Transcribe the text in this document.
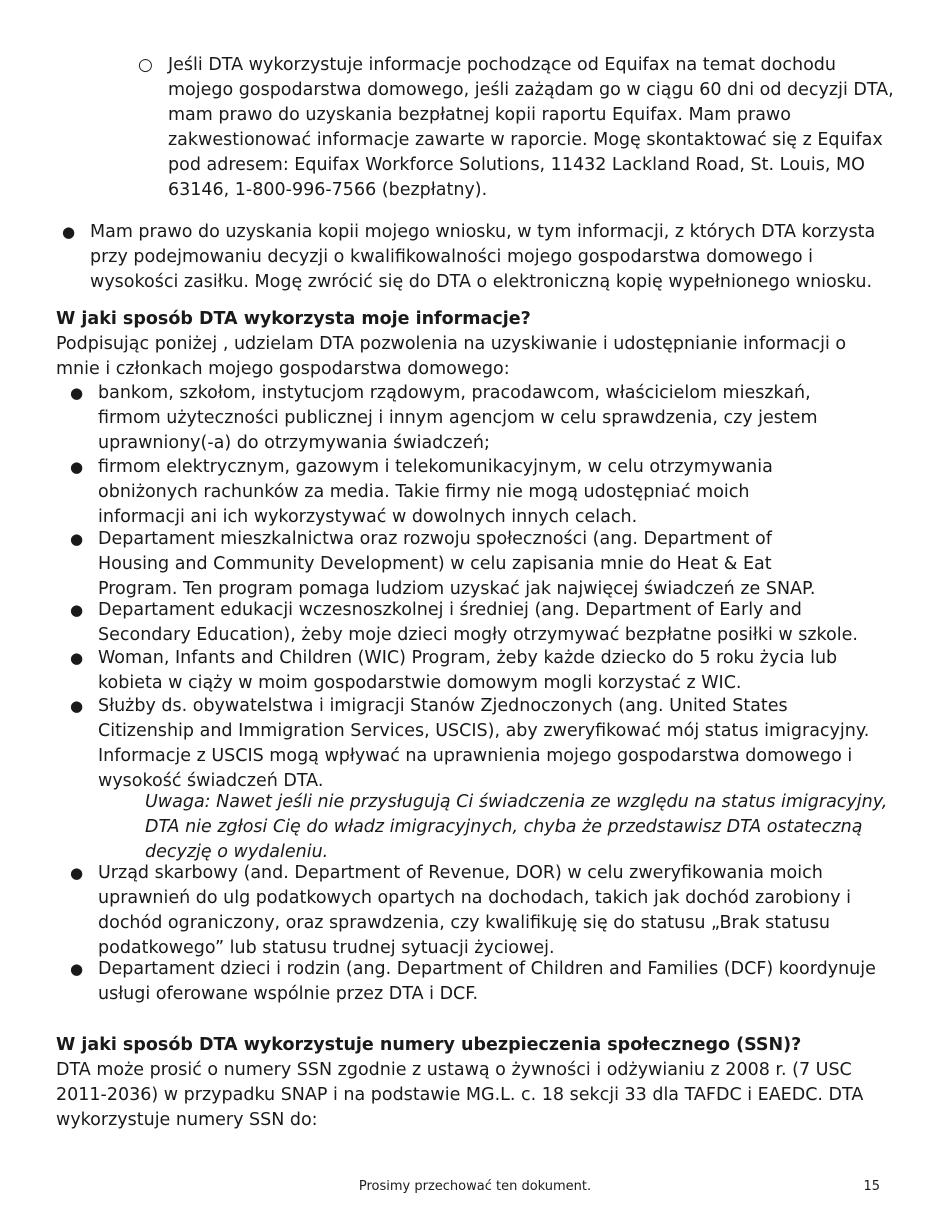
○ Jeśli DTA wykorzystuje informacje pochodzące od Equifax na temat dochodu mojego gospodarstwa domowego, jeśli zażądam go w ciągu 60 dni od decyzji DTA, mam prawo do uzyskania bezpłatnej kopii raportu Equifax. Mam prawo zakwestionować informacje zawarte w raporcie. Mogę skontaktować się z Equifax pod adresem: Equifax Workforce Solutions, 11432 Lackland Road, St. Louis, MO 63146, 1-800-996-7566 (bezpłatny).
● Mam prawo do uzyskania kopii mojego wniosku, w tym informacji, z których DTA korzysta przy podejmowaniu decyzji o kwalifikowalności mojego gospodarstwa domowego i wysokości zasiłku. Mogę zwrócić się do DTA o elektroniczną kopię wypełnionego wniosku.
W jaki sposób DTA wykorzysta moje informacje?
Podpisując poniżej , udzielam DTA pozwolenia na uzyskiwanie i udostępnianie informacji o mnie i członkach mojego gospodarstwa domowego:
● bankom, szkołom, instytucjom rządowym, pracodawcom, właścicielom mieszkań, firmom użyteczności publicznej i innym agencjom w celu sprawdzenia, czy jestem uprawniony(-a) do otrzymywania świadczeń;
● firmom elektrycznym, gazowym i telekomunikacyjnym, w celu otrzymywania obniżonych rachunków za media. Takie firmy nie mogą udostępniać moich informacji ani ich wykorzystywać w dowolnych innych celach.
● Departament mieszkalnictwa oraz rozwoju społeczności (ang. Department of Housing and Community Development) w celu zapisania mnie do Heat & Eat Program. Ten program pomaga ludziom uzyskać jak najwięcej świadczeń ze SNAP.
● Departament edukacji wczesnoszkolnej i średniej (ang. Department of Early and Secondary Education), żeby moje dzieci mogły otrzymywać bezpłatne posiłki w szkole.
● Woman, Infants and Children (WIC) Program, żeby każde dziecko do 5 roku życia lub kobieta w ciąży w moim gospodarstwie domowym mogli korzystać z WIC.
● Służby ds. obywatelstwa i imigracji Stanów Zjednoczonych (ang. United States Citizenship and Immigration Services, USCIS), aby zweryfikować mój status imigracyjny. Informacje z USCIS mogą wpływać na uprawnienia mojego gospodarstwa domowego i wysokość świadczeń DTA.
Uwaga: Nawet jeśli nie przysługują Ci świadczenia ze względu na status imigracyjny, DTA nie zgłosi Cię do władz imigracyjnych, chyba że przedstawisz DTA ostateczną decyzję o wydaleniu.
● Urząd skarbowy (and. Department of Revenue, DOR) w celu zweryfikowania moich uprawnień do ulg podatkowych opartych na dochodach, takich jak dochód zarobiony i dochód ograniczony, oraz sprawdzenia, czy kwalifikuję się do statusu „Brak statusu podatkowego” lub statusu trudnej sytuacji życiowej.
● Departament dzieci i rodzin (ang. Department of Children and Families (DCF) koordynuje usługi oferowane wspólnie przez DTA i DCF.
W jaki sposób DTA wykorzystuje numery ubezpieczenia społecznego (SSN)?
DTA może prosić o numery SSN zgodnie z ustawą o żywności i odżywianiu z 2008 r. (7 USC 2011-2036) w przypadku SNAP i na podstawie MG.L. c. 18 sekcji 33 dla TAFDC i EAEDC. DTA wykorzystuje numery SSN do:
Prosimy przechować ten dokument.	15
